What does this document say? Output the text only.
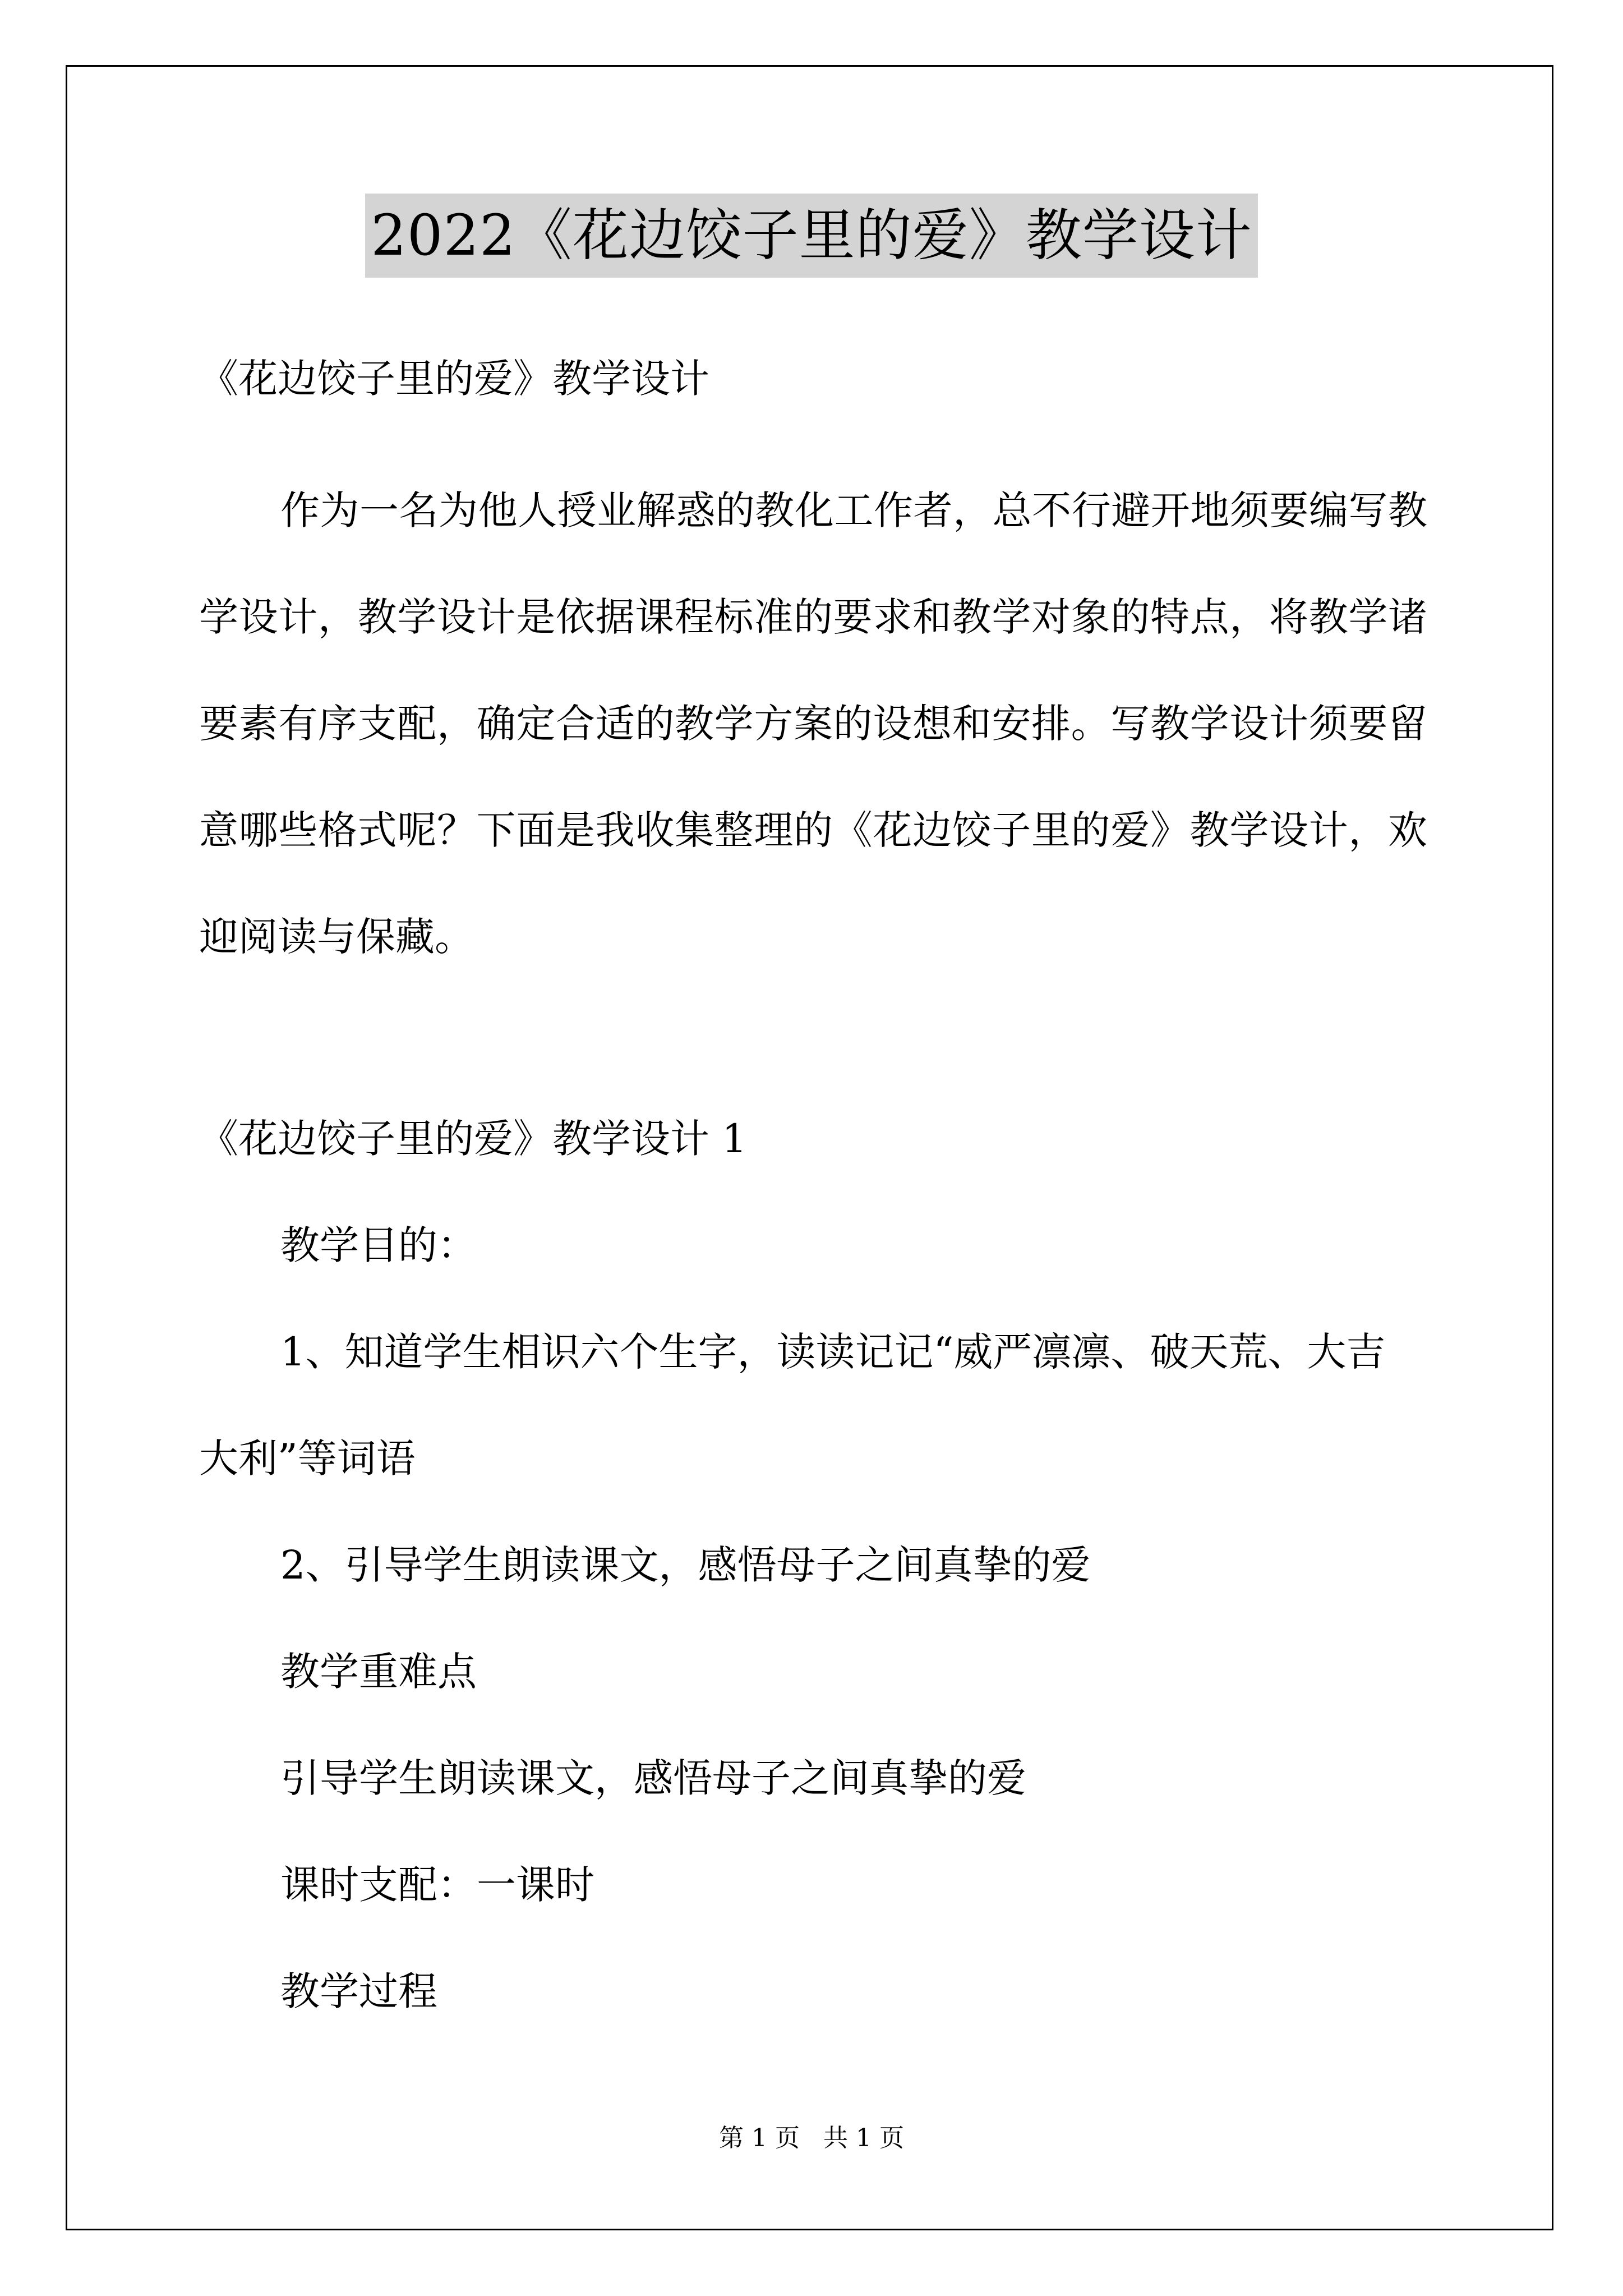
2022《花边饺子里的爱》教学设计
《花边饺子里的爱》教学设计
作为一名为他人授业解惑的教化工作者，总不行避开地须要编写教学设计，教学设计是依据课程标准的要求和教学对象的特点，将教学诸要素有序支配，确定合适的教学方案的设想和安排。写教学设计须要留意哪些格式呢？下面是我收集整理的《花边饺子里的爱》教学设计，欢迎阅读与保藏。
《花边饺子里的爱》教学设计 1
教学目的：
1、知道学生相识六个生字，读读记记“威严凛凛、破天荒、大吉
大利”等词语
2、引导学生朗读课文，感悟母子之间真挚的爱
教学重难点
引导学生朗读课文，感悟母子之间真挚的爱
课时支配：一课时
教学过程
第 1 页 共 1 页
